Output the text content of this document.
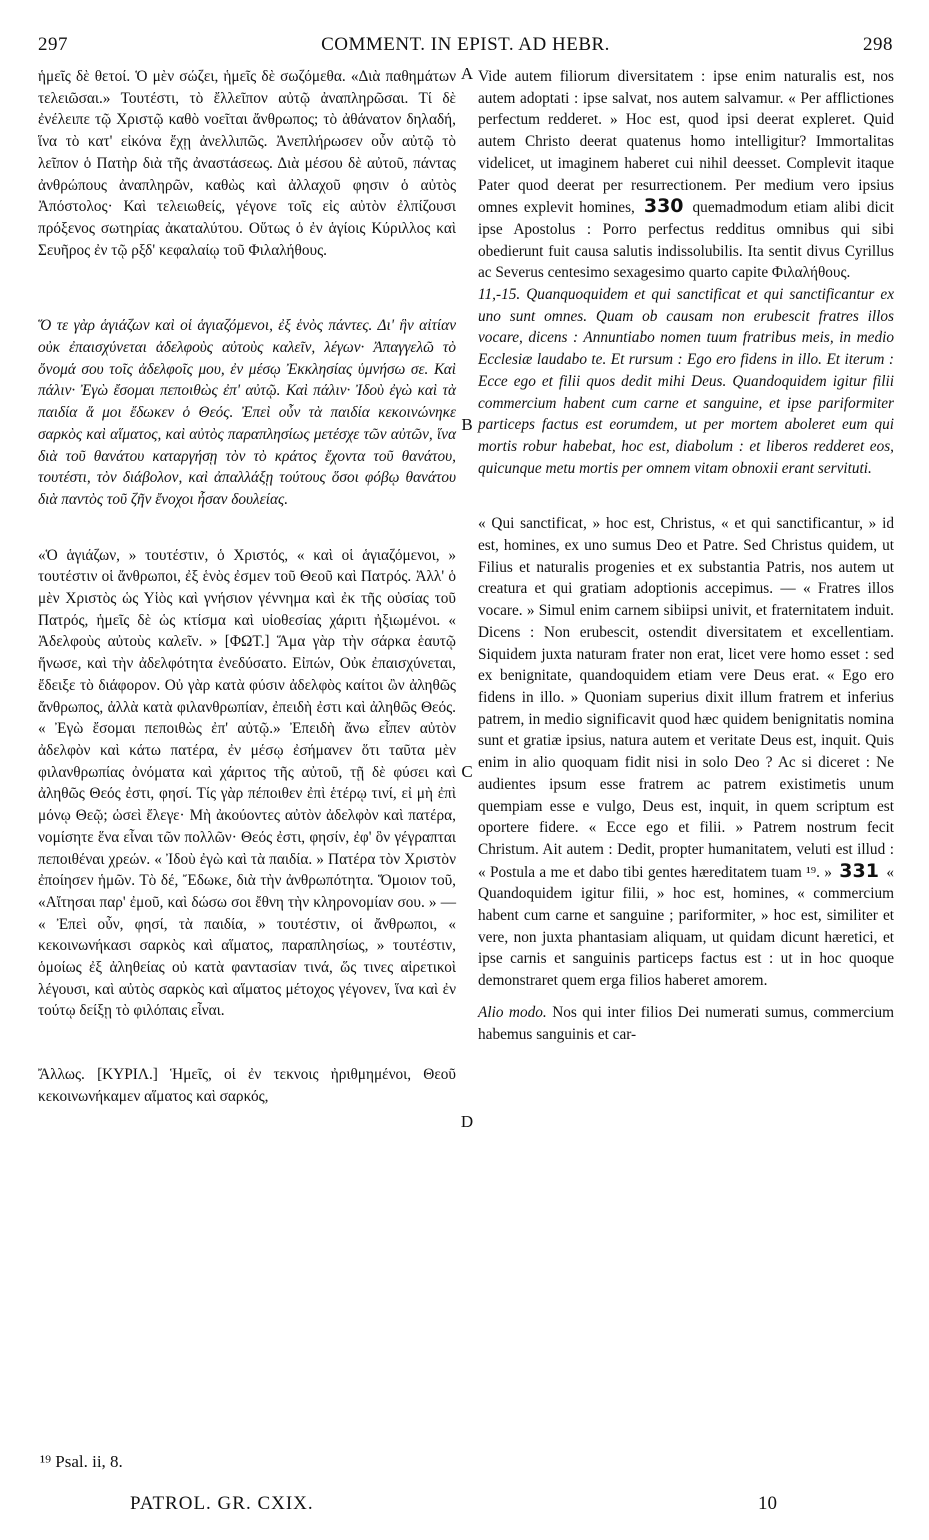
297	COMMENT. IN EPIST. AD HEBR.	298

ἡμεῖς δὲ θετοί. Ὁ μὲν σώζει, ἡμεῖς δὲ σωζόμεθα. «Διὰ παθημάτων τελειῶσαι.» Τουτέστι, τὸ ἔλλεῖπον αὐτῷ ἀναπληρῶσαι. Τί δὲ ἐνέλειπε τῷ Χριστῷ καθὸ νοεῖται ἄνθρωπος; τὸ ἀθάνατον δηλαδή, ἵνα τὸ κατ' εἰκόνα ἔχῃ ἀνελλιπῶς. Ἀνεπλήρωσεν οὖν αὐτῷ τὸ λεῖπον ὁ Πατὴρ διὰ τῆς ἀναστάσεως. Διὰ μέσου δὲ αὐτοῦ, πάντας ἀνθρώπους ἀναπληρῶν, καθὼς καὶ ἀλλαχοῦ φησιν ὁ αὐτὸς Ἀπόστολος· Καὶ τελειωθείς, γέγονε τοῖς εἰς αὐτὸν ἐλπίζουσι πρόξενος σωτηρίας ἀκαταλύτου. Οὕτως ὁ ἐν ἁγίοις Κύριλλος καὶ Σευῆρος ἐν τῷ ρξδ' κεφαλαίῳ τοῦ Φιλαλήθους.

Ὅ τε γὰρ ἁγιάζων καὶ οἱ ἁγιαζόμενοι, ἐξ ἑνὸς πάντες. Δι' ἣν αἰτίαν οὐκ ἐπαισχύνεται ἀδελφοὺς αὐτοὺς καλεῖν, λέγων· Ἀπαγγελῶ τὸ ὄνομά σου τοῖς ἀδελφοῖς μου, ἐν μέσῳ Ἐκκλησίας ὑμνήσω σε. Καὶ πάλιν· Ἐγὼ ἔσομαι πεποιθὼς ἐπ' αὐτῷ. Καὶ πάλιν· Ἰδοὺ ἐγὼ καὶ τὰ παιδία ἅ μοι ἔδωκεν ὁ Θεός. Ἐπεὶ οὖν τὰ παιδία κεκοινώνηκε σαρκὸς καὶ αἵματος, καὶ αὐτὸς παραπλησίως μετέσχε τῶν αὐτῶν, ἵνα διὰ τοῦ θανάτου καταργήσῃ τὸν τὸ κράτος ἔχοντα τοῦ θανάτου, τουτέστι, τὸν διάβολον, καὶ ἀπαλλάξῃ τούτους ὅσοι φόβῳ θανάτου διὰ παντὸς τοῦ ζῆν ἔνοχοι ἦσαν δουλείας.

«Ὁ ἁγιάζων, » τουτέστιν, ὁ Χριστός, « καὶ οἱ ἁγιαζόμενοι, » τουτέστιν οἱ ἄνθρωποι, ἐξ ἑνὸς ἐσμεν τοῦ Θεοῦ καὶ Πατρός. Ἀλλ' ὁ μὲν Χριστὸς ὡς Υἱὸς καὶ γνήσιον γέννημα καὶ ἐκ τῆς οὐσίας τοῦ Πατρός, ἡμεῖς δὲ ὡς κτίσμα καὶ υἱοθεσίας χάριτι ἠξιωμένοι. « Ἀδελφοὺς αὐτοὺς καλεῖν. » [ΦΩΤ.] Ἅμα γὰρ τὴν σάρκα ἑαυτῷ ἥνωσε, καὶ τὴν ἀδελφότητα ἐνεδύσατο. Εἰπών, Οὐκ ἐπαισχύνεται, ἔδειξε τὸ διάφορον. Οὐ γὰρ κατὰ φύσιν ἀδελφὸς καίτοι ὢν ἀληθῶς ἄνθρωπος, ἀλλὰ κατὰ φιλανθρωπίαν, ἐπειδὴ ἐστι καὶ ἀληθῶς Θεός. « Ἐγὼ ἔσομαι πεποιθὼς ἐπ' αὐτῷ.» Ἐπειδὴ ἄνω εἶπεν αὐτὸν ἀδελφὸν καὶ κάτω πατέρα, ἐν μέσῳ ἐσήμανεν ὅτι ταῦτα μὲν φιλανθρωπίας ὀνόματα καὶ χάριτος τῆς αὐτοῦ, τῇ δὲ φύσει καὶ ἀληθῶς Θεός ἐστι, φησί. Τίς γὰρ πέποιθεν ἐπὶ ἑτέρῳ τινί, εἰ μὴ ἐπὶ μόνῳ Θεῷ; ὡσεὶ ἔλεγε· Μὴ ἀκούοντες αὐτὸν ἀδελφὸν καὶ πατέρα, νομίσητε ἕνα εἶναι τῶν πολλῶν· Θεός ἐστι, φησίν, ἐφ' ὃν γέγραπται πεποιθέναι χρεών. « Ἰδοὺ ἐγὼ καὶ τὰ παιδία. » Πατέρα τὸν Χριστὸν ἐποίησεν ἡμῶν. Τὸ δέ, Ἔδωκε, διὰ τὴν ἀνθρωπότητα. Ὅμοιον τοῦ, «Αἴτησαι παρ' ἐμοῦ, καὶ δώσω σοι ἔθνη τὴν κληρονομίαν σου. » — « Ἐπεὶ οὖν, φησί, τὰ παιδία, » τουτέστιν, οἱ ἄνθρωποι, « κεκοινωνήκασι σαρκὸς καὶ αἵματος, παραπλησίως, » τουτέστιν, ὁμοίως ἐξ ἀληθείας οὐ κατὰ φαντασίαν τινά, ὥς τινες αἱρετικοὶ λέγουσι, καὶ αὐτὸς σαρκὸς καὶ αἵματος μέτοχος γέγονεν, ἵνα καὶ ἐν τούτῳ δείξῃ τὸ φιλόπαις εἶναι.

Ἄλλως. [ΚΥΡΙΛ.] Ἡμεῖς, οἱ ἐν τεκνοις ἠριθμημένοι, Θεοῦ κεκοινωνήκαμεν αἵματος καὶ σαρκός,

Vide autem filiorum diversitatem : ipse enim naturalis est, nos autem adoptati : ipse salvat, nos autem salvamur. « Per afflictiones perfectum redderet. » Hoc est, quod ipsi deerat expleret. Quid autem Christo deerat quatenus homo intelligitur? Immortalitas videlicet, ut imaginem haberet cui nihil deesset. Complevit itaque Pater quod deerat per resurrectionem. Per medium vero ipsius omnes explevit homines, 330 quemadmodum etiam alibi dicit ipse Apostolus : Porro perfectus redditus omnibus qui sibi obedierunt fuit causa salutis indissolubilis. Ita sentit divus Cyrillus ac Severus centesimo sexagesimo quarto capite Φιλαλήθους.

11,-15. Quanquoquidem et qui sanctificat et qui sanctificantur ex uno sunt omnes. Quam ob causam non erubescit fratres illos vocare, dicens : Annuntiabo nomen tuum fratribus meis, in medio Ecclesiæ laudabo te. Et rursum : Ego ero fidens in illo. Et iterum : Ecce ego et filii quos dedit mihi Deus. Quandoquidem igitur filii commercium habent cum carne et sanguine, et ipse pariformiter particeps factus est eorumdem, ut per mortem aboleret eum qui mortis robur habebat, hoc est, diabolum : et liberos redderet eos, quicunque metu mortis per omnem vitam obnoxii erant servituti.

« Qui sanctificat, » hoc est, Christus, « et qui sanctificantur, » id est, homines, ex uno sumus Deo et Patre. Sed Christus quidem, ut Filius et naturalis progenies et ex substantia Patris, nos autem ut creatura et qui gratiam adoptionis accepimus. — « Fratres illos vocare. » Simul enim carnem sibiipsi univit, et fraternitatem induit. Dicens : Non erubescit, ostendit diversitatem et excellentiam. Siquidem juxta naturam frater non erat, licet vere homo esset : sed ex benignitate, quandoquidem etiam vere Deus erat. « Ego ero fidens in illo. » Quoniam superius dixit illum fratrem et inferius patrem, in medio significavit quod hæc quidem benignitatis nomina sunt et gratiæ ipsius, natura autem et veritate Deus est, inquit. Quis enim in alio quoquam fidit nisi in solo Deo ? Ac si diceret : Ne audientes ipsum esse fratrem ac patrem existimetis unum quempiam esse e vulgo, Deus est, inquit, in quem scriptum est oportere fidere. « Ecce ego et filii. » Patrem nostrum fecit Christum. Ait autem : Dedit, propter humanitatem, veluti est illud : « Postula a me et dabo tibi gentes hæreditatem tuam ¹⁹. » 331 « Quandoquidem igitur filii, » hoc est, homines, « commercium habent cum carne et sanguine ; pariformiter, » hoc est, similiter et vere, non juxta phantasiam aliquam, ut quidam dicunt hæretici, et ipse carnis et sanguinis particeps factus est : ut in hoc quoque demonstraret quem erga filios haberet amorem.

Alio modo. Nos qui inter filios Dei numerati sumus, commercium habemus sanguinis et car-

A
B
C
D
¹⁹ Psal. ii, 8.
PATROL. GR. CXIX.	10
